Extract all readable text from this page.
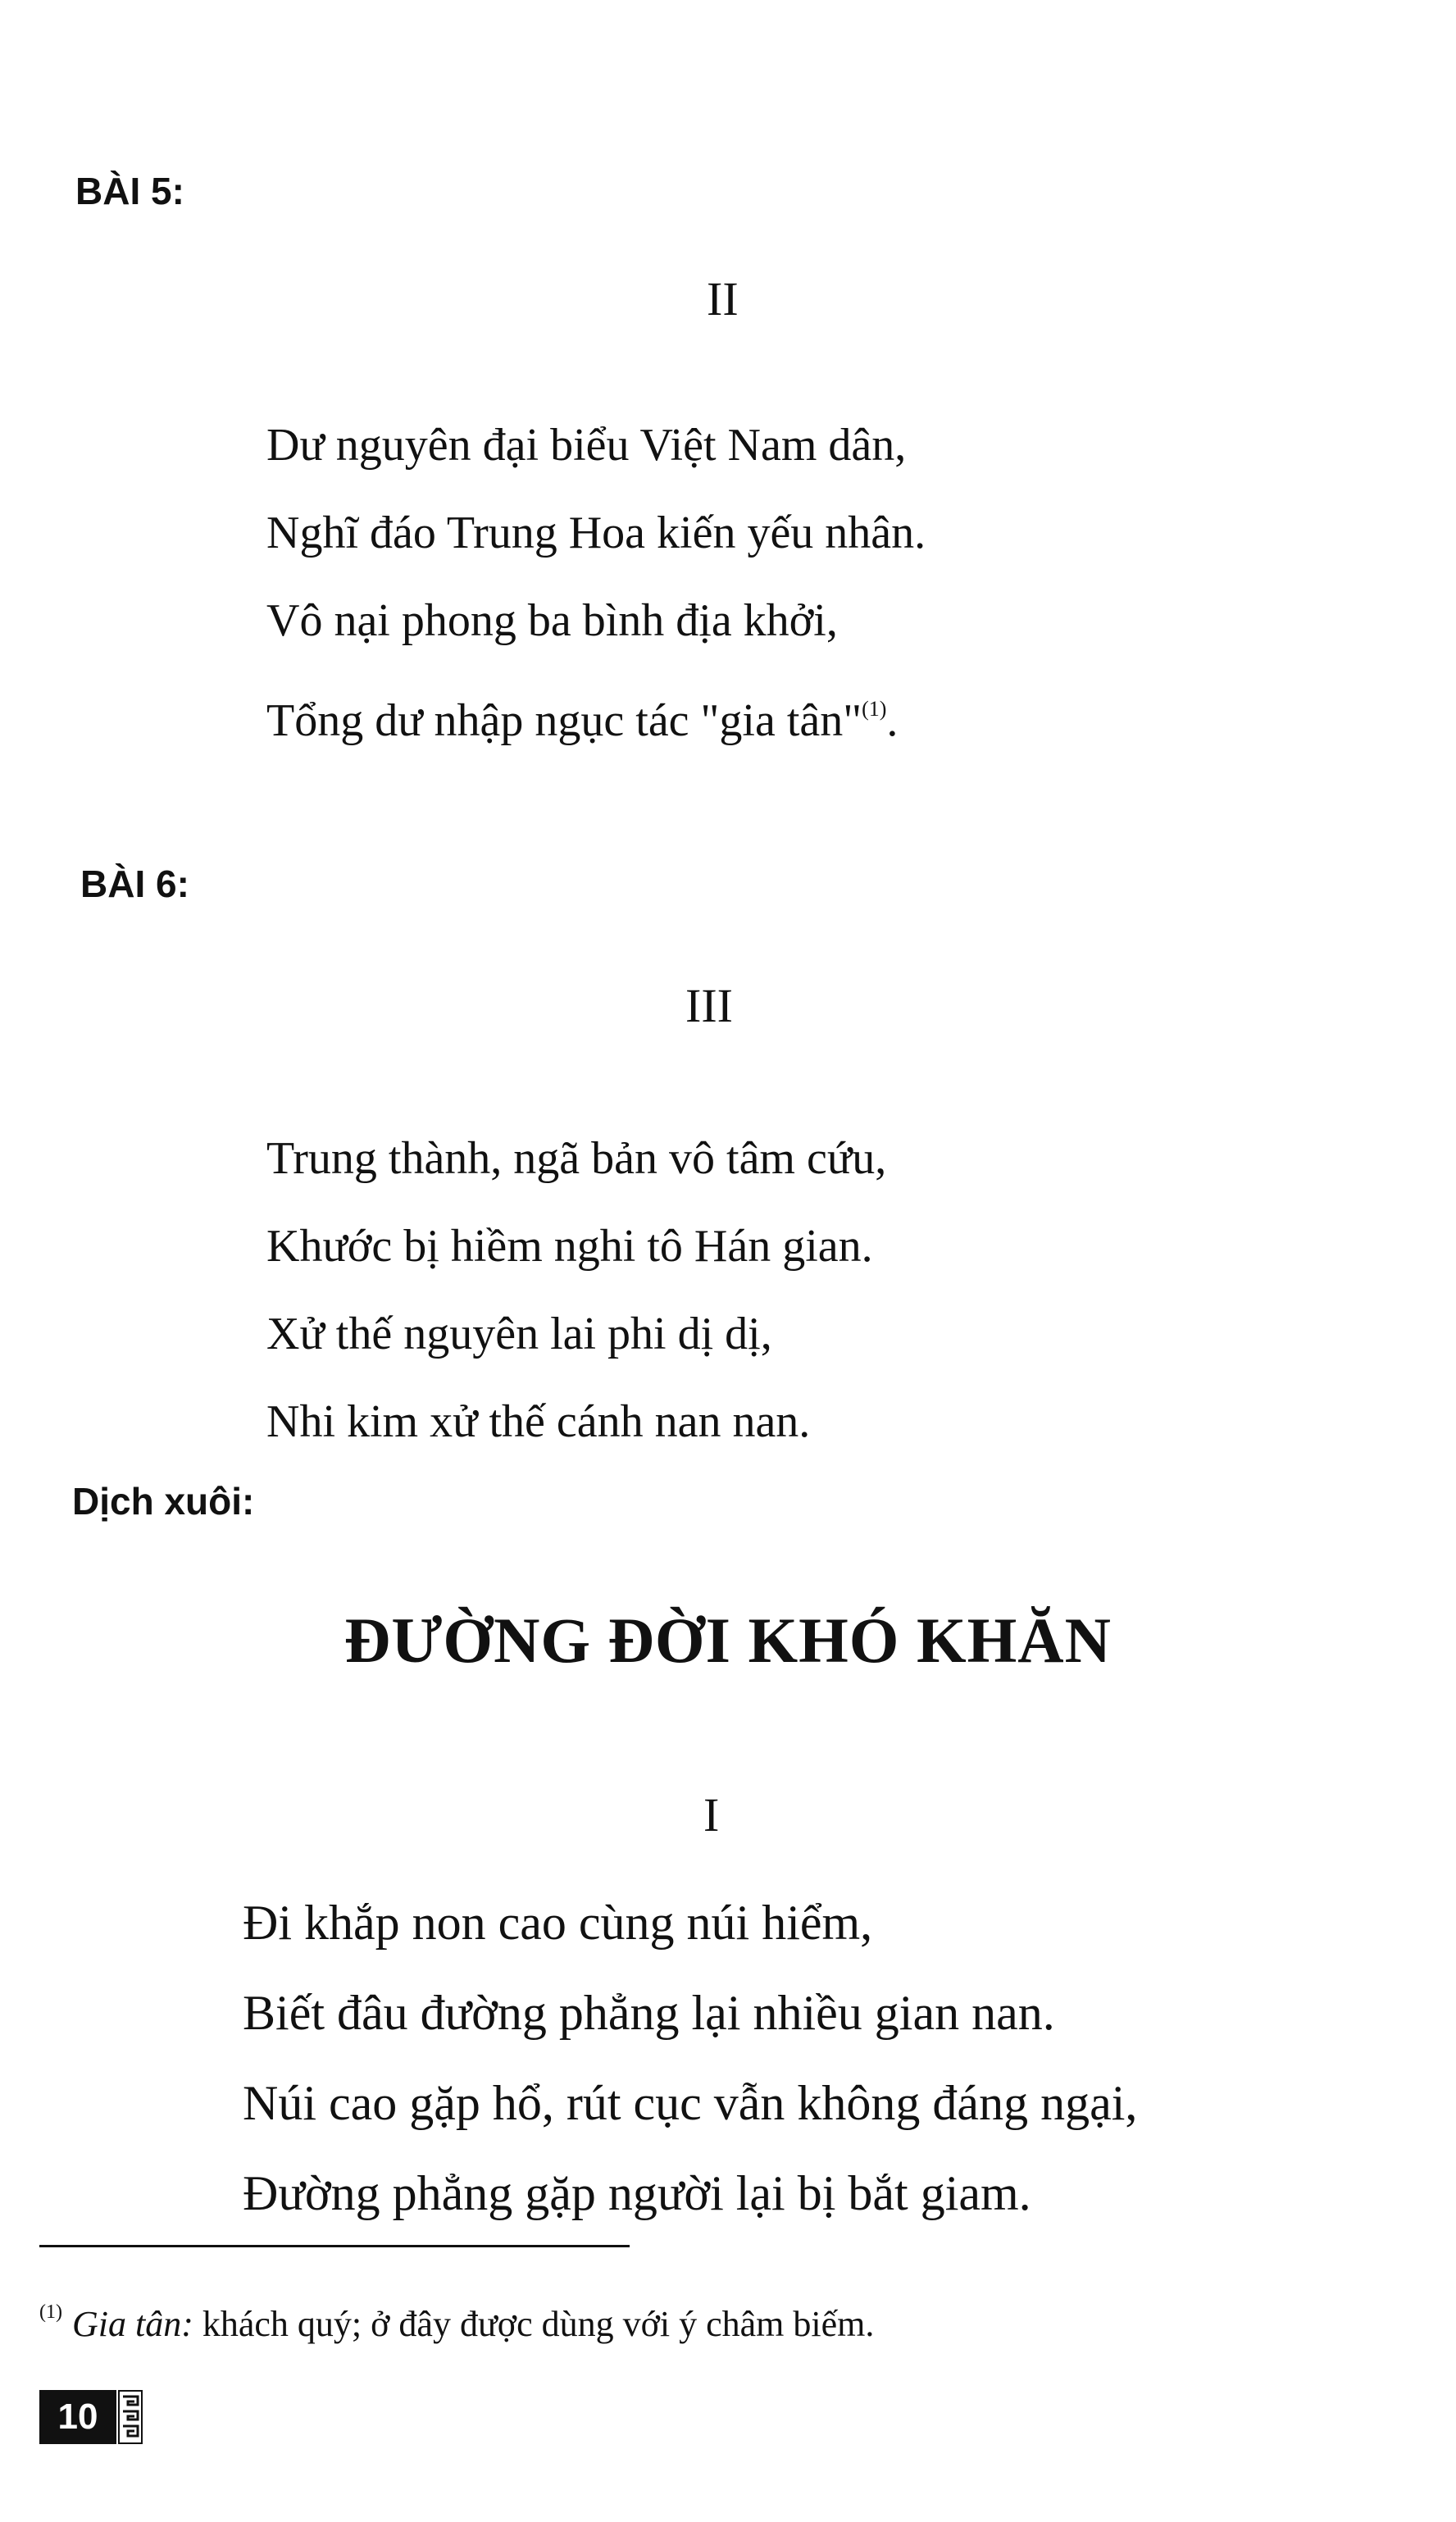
BÀI 5:
II
Dư nguyên đại biểu Việt Nam dân,
Nghĩ đáo Trung Hoa kiến yếu nhân.
Vô nại phong ba bình địa khởi,
Tổng dư nhập ngục tác "gia tân"$^{(1)}$.
BÀI 6:
III
Trung thành, ngã bản vô tâm cứu,
Khước bị hiềm nghi tô Hán gian.
Xử thế nguyên lai phi dị dị,
Nhi kim xử thế cánh nan nan.
Dịch xuôi:
ĐƯỜNG ĐỜI KHÓ KHĂN
I
Đi khắp non cao cùng núi hiểm,
Biết đâu đường phẳng lại nhiều gian nan.
Núi cao gặp hổ, rút cục vẫn không đáng ngại,
Đường phẳng gặp người lại bị bắt giam.
$^{(1)}$ Gia tân: khách quý; ở đây được dùng với ý châm biếm.
10
